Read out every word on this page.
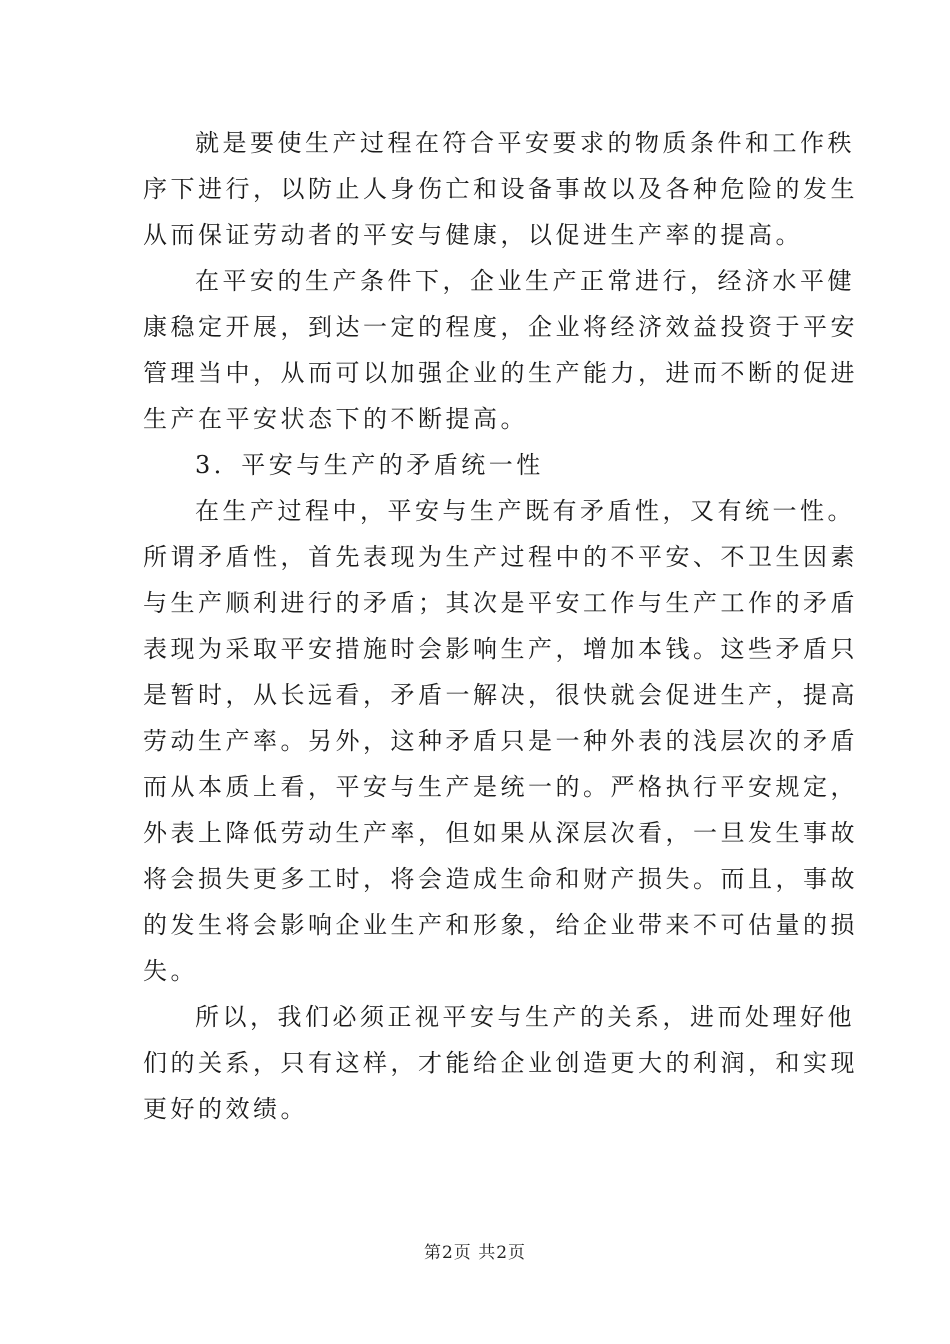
就是要使生产过程在符合平安要求的物质条件和工作秩
序下进行，以防止人身伤亡和设备事故以及各种危险的发生
从而保证劳动者的平安与健康，以促进生产率的提高。
在平安的生产条件下，企业生产正常进行，经济水平健
康稳定开展，到达一定的程度，企业将经济效益投资于平安
管理当中，从而可以加强企业的生产能力，进而不断的促进
生产在平安状态下的不断提高。
3．平安与生产的矛盾统一性
在生产过程中，平安与生产既有矛盾性，又有统一性。
所谓矛盾性，首先表现为生产过程中的不平安、不卫生因素
与生产顺利进行的矛盾；其次是平安工作与生产工作的矛盾
表现为采取平安措施时会影响生产，增加本钱。这些矛盾只
是暂时，从长远看，矛盾一解决，很快就会促进生产，提高
劳动生产率。另外，这种矛盾只是一种外表的浅层次的矛盾
而从本质上看，平安与生产是统一的。严格执行平安规定，
外表上降低劳动生产率，但如果从深层次看，一旦发生事故
将会损失更多工时，将会造成生命和财产损失。而且，事故
的发生将会影响企业生产和形象，给企业带来不可估量的损
失。
所以，我们必须正视平安与生产的关系，进而处理好他
们的关系，只有这样，才能给企业创造更大的利润，和实现
更好的效绩。
第2页 共2页
